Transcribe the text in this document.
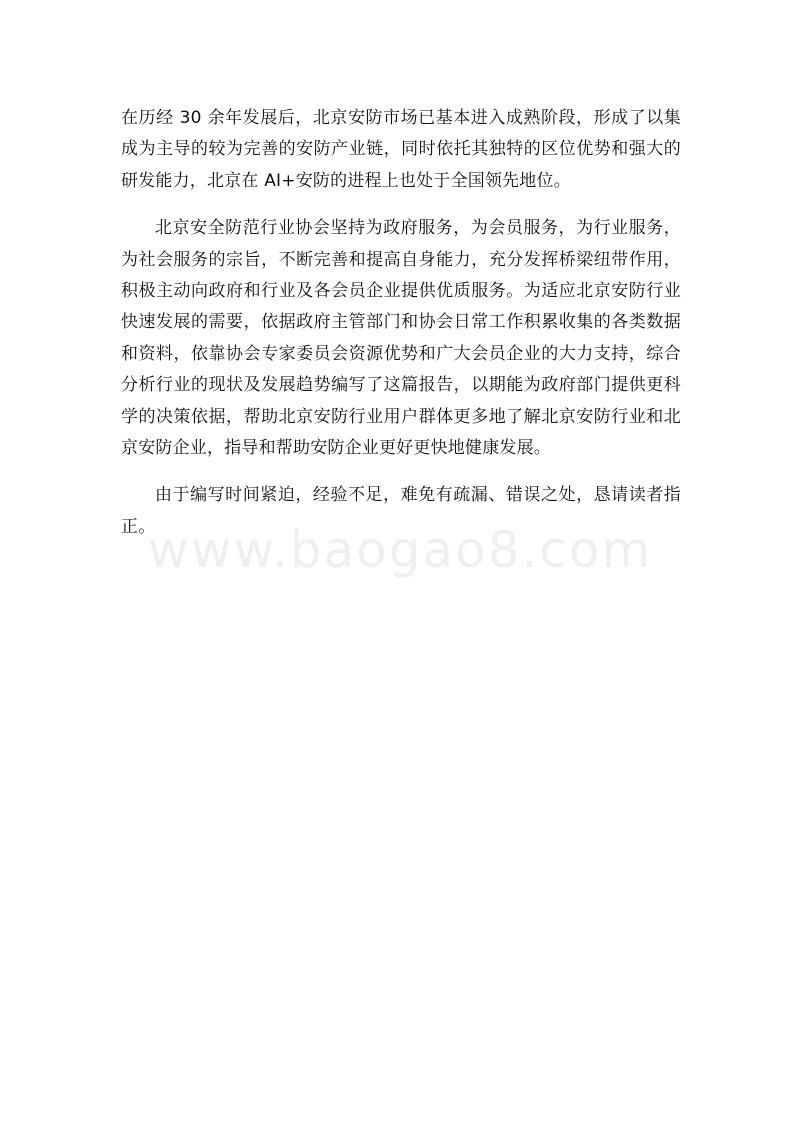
在历经 30 余年发展后，北京安防市场已基本进入成熟阶段，形成了以集成为主导的较为完善的安防产业链，同时依托其独特的区位优势和强大的研发能力，北京在 AI+安防的进程上也处于全国领先地位。

北京安全防范行业协会坚持为政府服务，为会员服务，为行业服务，为社会服务的宗旨，不断完善和提高自身能力，充分发挥桥梁纽带作用，积极主动向政府和行业及各会员企业提供优质服务。为适应北京安防行业快速发展的需要，依据政府主管部门和协会日常工作积累收集的各类数据和资料，依靠协会专家委员会资源优势和广大会员企业的大力支持，综合分析行业的现状及发展趋势编写了这篇报告，以期能为政府部门提供更科学的决策依据，帮助北京安防行业用户群体更多地了解北京安防行业和北京安防企业，指导和帮助安防企业更好更快地健康发展。

由于编写时间紧迫，经验不足，难免有疏漏、错误之处，恳请读者指正。

www.baogao8.com
